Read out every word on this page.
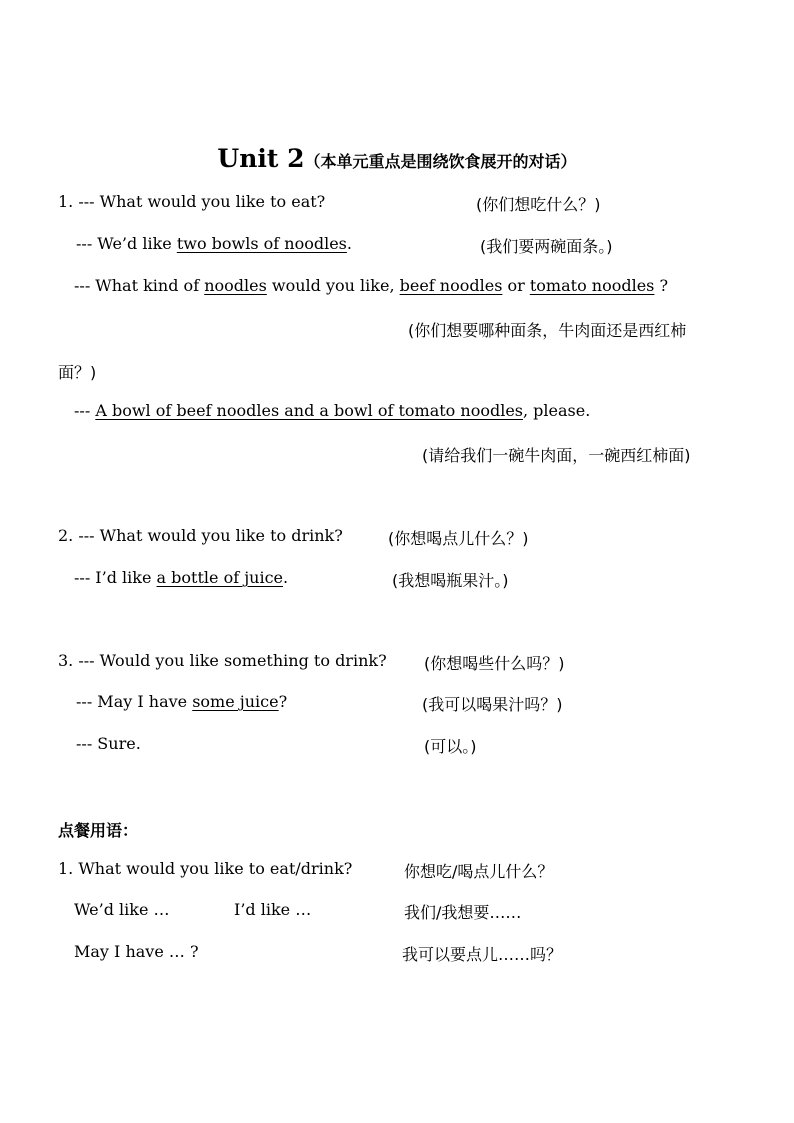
Unit 2（本单元重点是围绕饮食展开的对话）
1. --- What would you like to eat?	(你们想吃什么？)
--- We’d like two bowls of noodles.	(我们要两碗面条。)
--- What kind of noodles would you like, beef noodles or tomato noodles ?
(你们想要哪种面条，牛肉面还是西红柿
面？)
--- A bowl of beef noodles and a bowl of tomato noodles, please.
(请给我们一碗牛肉面，一碗西红柿面)
2. --- What would you like to drink?	(你想喝点儿什么？)
--- I’d like a bottle of juice.	(我想喝瓶果汁。)
3. --- Would you like something to drink? (你想喝些什么吗？)
--- May I have some juice?	(我可以喝果汁吗？)
--- Sure.	(可以。)
点餐用语：
1. What would you like to eat/drink?	你想吃/喝点儿什么？
We’d like …	I’d like …	我们/我想要……
May I have … ?	我可以要点儿……吗？
